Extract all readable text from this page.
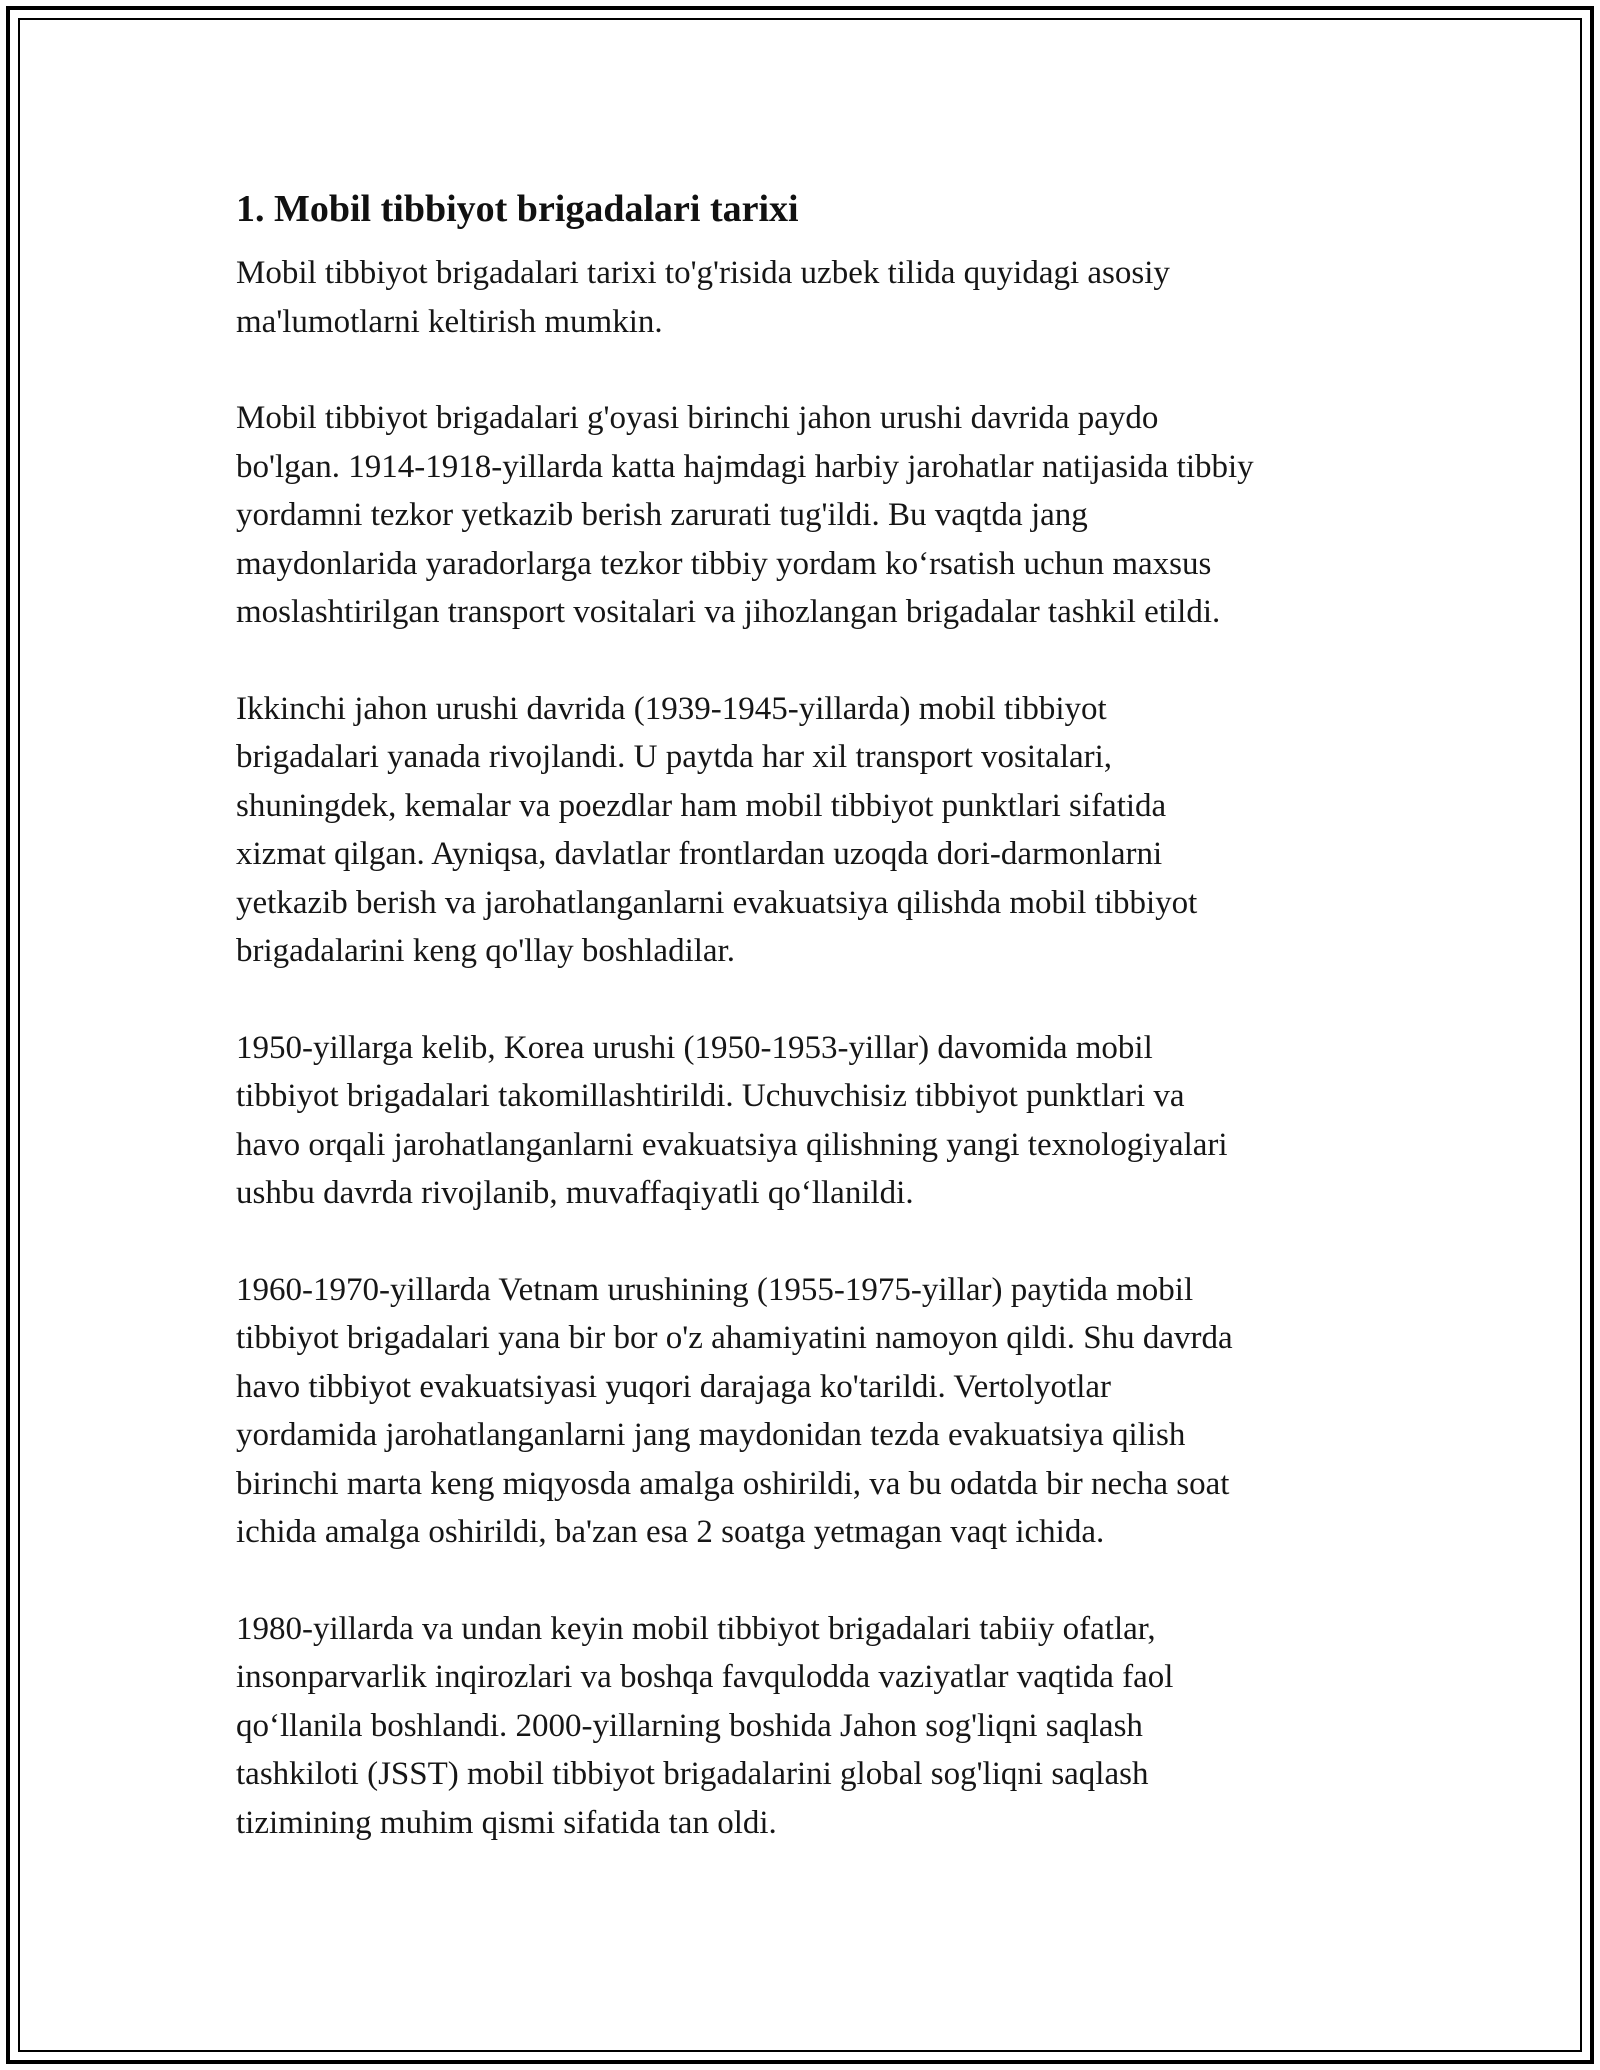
1. Mobil tibbiyot brigadalari tarixi
Mobil tibbiyot brigadalari tarixi to'g'risida uzbek tilida quyidagi asosiy
ma'lumotlarni keltirish mumkin.
Mobil tibbiyot brigadalari g'oyasi birinchi jahon urushi davrida paydo
bo'lgan. 1914-1918-yillarda katta hajmdagi harbiy jarohatlar natijasida tibbiy
yordamni tezkor yetkazib berish zarurati tug'ildi. Bu vaqtda jang
maydonlarida yaradorlarga tezkor tibbiy yordam ko‘rsatish uchun maxsus
moslashtirilgan transport vositalari va jihozlangan brigadalar tashkil etildi.
Ikkinchi jahon urushi davrida (1939-1945-yillarda) mobil tibbiyot
brigadalari yanada rivojlandi. U paytda har xil transport vositalari,
shuningdek, kemalar va poezdlar ham mobil tibbiyot punktlari sifatida
xizmat qilgan. Ayniqsa, davlatlar frontlardan uzoqda dori-darmonlarni
yetkazib berish va jarohatlanganlarni evakuatsiya qilishda mobil tibbiyot
brigadalarini keng qo'llay boshladilar.
1950-yillarga kelib, Korea urushi (1950-1953-yillar) davomida mobil
tibbiyot brigadalari takomillashtirildi. Uchuvchisiz tibbiyot punktlari va
havo orqali jarohatlanganlarni evakuatsiya qilishning yangi texnologiyalari
ushbu davrda rivojlanib, muvaffaqiyatli qo‘llanildi.
1960-1970-yillarda Vetnam urushining (1955-1975-yillar) paytida mobil
tibbiyot brigadalari yana bir bor o'z ahamiyatini namoyon qildi. Shu davrda
havo tibbiyot evakuatsiyasi yuqori darajaga ko'tarildi. Vertolyotlar
yordamida jarohatlanganlarni jang maydonidan tezda evakuatsiya qilish
birinchi marta keng miqyosda amalga oshirildi, va bu odatda bir necha soat
ichida amalga oshirildi, ba'zan esa 2 soatga yetmagan vaqt ichida.
1980-yillarda va undan keyin mobil tibbiyot brigadalari tabiiy ofatlar,
insonparvarlik inqirozlari va boshqa favqulodda vaziyatlar vaqtida faol
qo‘llanila boshlandi. 2000-yillarning boshida Jahon sog'liqni saqlash
tashkiloti (JSST) mobil tibbiyot brigadalarini global sog'liqni saqlash
tizimining muhim qismi sifatida tan oldi.
